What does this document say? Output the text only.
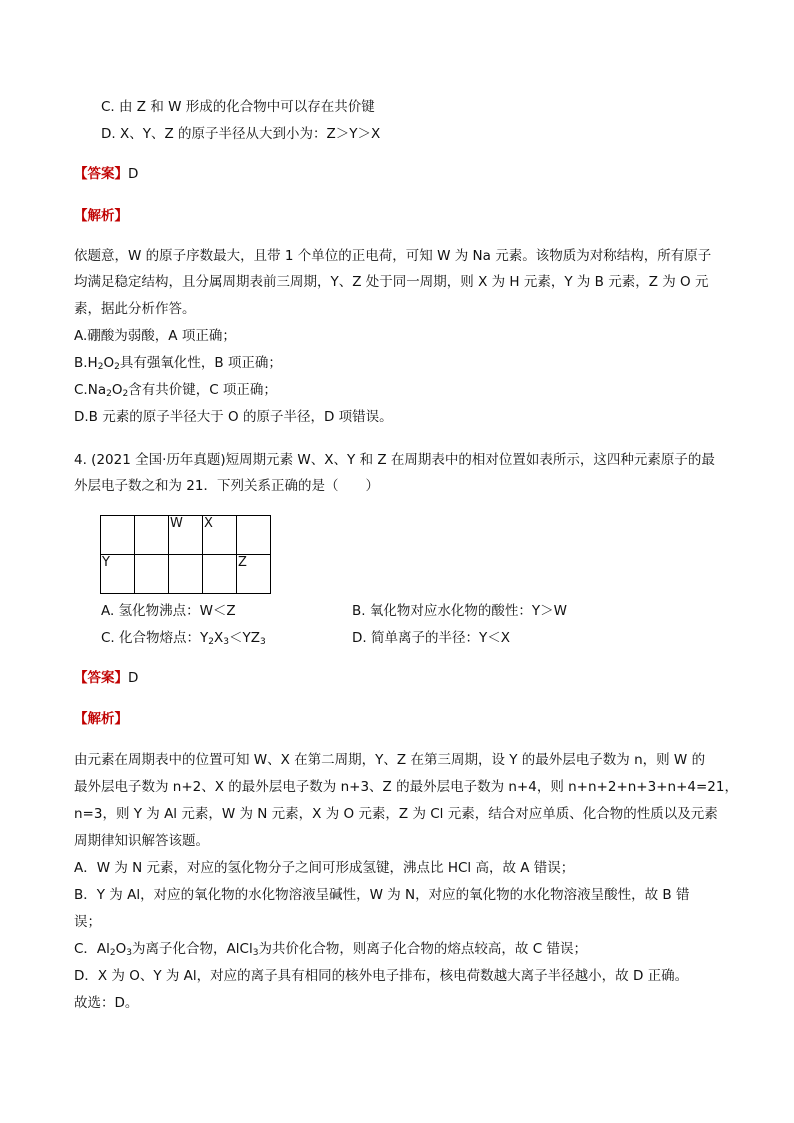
C. 由 Z 和 W 形成的化合物中可以存在共价键
D. X、Y、Z 的原子半径从大到小为：Z＞Y＞X
【答案】D
【解析】
依题意，W 的原子序数最大，且带 1 个单位的正电荷，可知 W 为 Na 元素。该物质为对称结构，所有原子
均满足稳定结构，且分属周期表前三周期，Y、Z 处于同一周期，则 X 为 H 元素，Y 为 B 元素，Z 为 O 元
素，据此分析作答。
A.硼酸为弱酸，A 项正确；
$B.H_2O_2$具有强氧化性，B 项正确；
$C.Na_2O_2$含有共价键，C 项正确；
D.B 元素的原子半径大于 O 的原子半径，D 项错误。
4. (2021 全国·历年真题)短周期元素 W、X、Y 和 Z 在周期表中的相对位置如表所示，这四种元素原子的最
外层电子数之和为 21．下列关系正确的是（　　）
		W	X	
Y				Z
A. 氢化物沸点：W＜Z	B. 氧化物对应水化物的酸性：Y＞W
C. 化合物熔点：$Y_2X_3<YZ_3$	D. 简单离子的半径：Y＜X
【答案】D
【解析】
由元素在周期表中的位置可知 W、X 在第二周期，Y、Z 在第三周期，设 Y 的最外层电子数为 n，则 W 的
最外层电子数为 n+2、X 的最外层电子数为 n+3、Z 的最外层电子数为 n+4，则 n+n+2+n+3+n+4=21，
n=3，则 Y 为 Al 元素，W 为 N 元素，X 为 O 元素，Z 为 Cl 元素，结合对应单质、化合物的性质以及元素
周期律知识解答该题。
A．W 为 N 元素，对应的氢化物分子之间可形成氢键，沸点比 HCl 高，故 A 错误；
B．Y 为 Al，对应的氧化物的水化物溶液呈碱性，W 为 N，对应的氧化物的水化物溶液呈酸性，故 B 错
误；
C．$Al_2O_3$为离子化合物，AlCl$_3$为共价化合物，则离子化合物的熔点较高，故 C 错误；
D．X 为 O、Y 为 Al，对应的离子具有相同的核外电子排布，核电荷数越大离子半径越小，故 D 正确。
故选：D。
